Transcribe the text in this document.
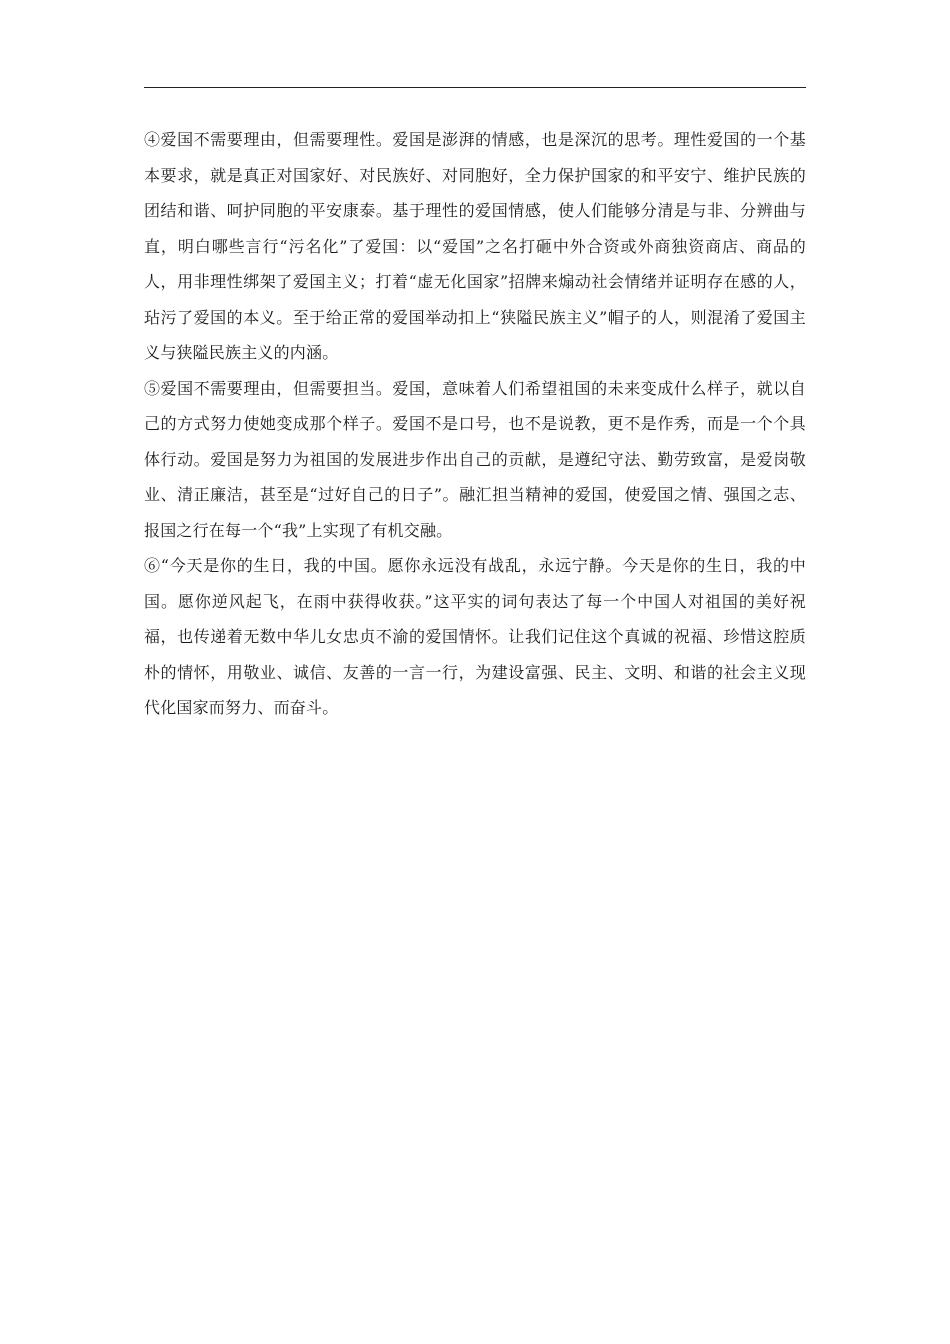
④爱国不需要理由，但需要理性。爱国是澎湃的情感，也是深沉的思考。理性爱国的一个基本要求，就是真正对国家好、对民族好、对同胞好，全力保护国家的和平安宁、维护民族的团结和谐、呵护同胞的平安康泰。基于理性的爱国情感，使人们能够分清是与非、分辨曲与直，明白哪些言行“污名化”了爱国：以“爱国”之名打砸中外合资或外商独资商店、商品的人，用非理性绑架了爱国主义；打着“虚无化国家”招牌来煽动社会情绪并证明存在感的人，玷污了爱国的本义。至于给正常的爱国举动扣上“狭隘民族主义”帽子的人，则混淆了爱国主义与狭隘民族主义的内涵。

⑤爱国不需要理由，但需要担当。爱国，意味着人们希望祖国的未来变成什么样子，就以自己的方式努力使她变成那个样子。爱国不是口号，也不是说教，更不是作秀，而是一个个具体行动。爱国是努力为祖国的发展进步作出自己的贡献，是遵纪守法、勤劳致富，是爱岗敬业、清正廉洁，甚至是“过好自己的日子”。融汇担当精神的爱国，使爱国之情、强国之志、报国之行在每一个“我”上实现了有机交融。

⑥“今天是你的生日，我的中国。愿你永远没有战乱，永远宁静。今天是你的生日，我的中国。愿你逆风起飞，在雨中获得收获。”这平实的词句表达了每一个中国人对祖国的美好祝福，也传递着无数中华儿女忠贞不渝的爱国情怀。让我们记住这个真诚的祝福、珍惜这腔质朴的情怀，用敬业、诚信、友善的一言一行，为建设富强、民主、文明、和谐的社会主义现代化国家而努力、而奋斗。
